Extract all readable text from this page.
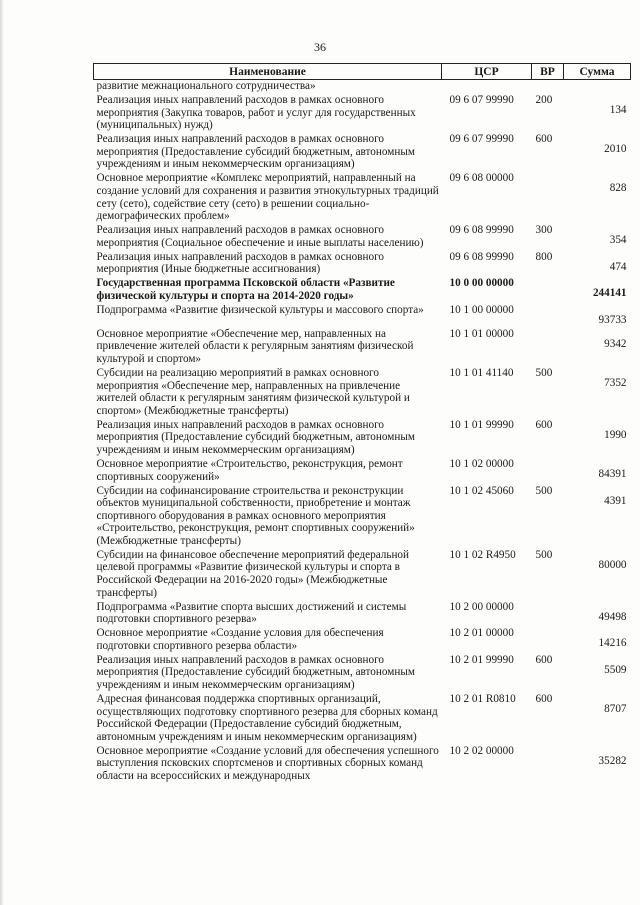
36
Наименование	ЦСР	ВР	Сумма
развитие межнационального сотрудничества»			
Реализация иных направлений расходов в рамках основного мероприятия (Закупка товаров, работ и услуг для государственных (муниципальных) нужд)	09 6 07 99990	200	134
Реализация иных направлений расходов в рамках основного мероприятия (Предоставление субсидий бюджетным, автономным учреждениям и иным некоммерческим организациям)	09 6 07 99990	600	2010
Основное мероприятие «Комплекс мероприятий, направленный на создание условий для сохранения и развития этнокультурных традиций сету (сето), содействие сету (сето) в решении социально-демографических проблем»	09 6 08 00000		828
Реализация иных направлений расходов в рамках основного мероприятия (Социальное обеспечение и иные выплаты населению)	09 6 08 99990	300	354
Реализация иных направлений расходов в рамках основного мероприятия (Иные бюджетные ассигнования)	09 6 08 99990	800	474
Государственная программа Псковской области «Развитие физической культуры и спорта на 2014-2020 годы»	10 0 00 00000		244141
Подпрограмма «Развитие физической культуры и массового спорта»	10 1 00 00000		93733
Основное мероприятие «Обеспечение мер, направленных на привлечение жителей области к регулярным занятиям физической культурой и спортом»	10 1 01 00000		9342
Субсидии на реализацию мероприятий в рамках основного мероприятия «Обеспечение мер, направленных на привлечение жителей области к регулярным занятиям физической культурой и спортом» (Межбюджетные трансферты)	10 1 01 41140	500	7352
Реализация иных направлений расходов в рамках основного мероприятия (Предоставление субсидий бюджетным, автономным учреждениям и иным некоммерческим организациям)	10 1 01 99990	600	1990
Основное мероприятие «Строительство, реконструкция, ремонт спортивных сооружений»	10 1 02 00000		84391
Субсидии на софинансирование строительства и реконструкции объектов муниципальной собственности, приобретение и монтаж спортивного оборудования в рамках основного мероприятия «Строительство, реконструкция, ремонт спортивных сооружений» (Межбюджетные трансферты)	10 1 02 45060	500	4391
Субсидии на финансовое обеспечение мероприятий федеральной целевой программы «Развитие физической культуры и спорта в Российской Федерации на 2016-2020 годы» (Межбюджетные трансферты)	10 1 02 R4950	500	80000
Подпрограмма «Развитие спорта высших достижений и системы подготовки спортивного резерва»	10 2 00 00000		49498
Основное мероприятие «Создание условия для обеспечения подготовки спортивного резерва области»	10 2 01 00000		14216
Реализация иных направлений расходов в рамках основного мероприятия (Предоставление субсидий бюджетным, автономным учреждениям и иным некоммерческим организациям)	10 2 01 99990	600	5509
Адресная финансовая поддержка спортивных организаций, осуществляющих подготовку спортивного резерва для сборных команд Российской Федерации (Предоставление субсидий бюджетным, автономным учреждениям и иным некоммерческим организациям)	10 2 01 R0810	600	8707
Основное мероприятие «Создание условий для обеспечения успешного выступления псковских спортсменов и спортивных сборных команд области на всероссийских и международных	10 2 02 00000		35282
